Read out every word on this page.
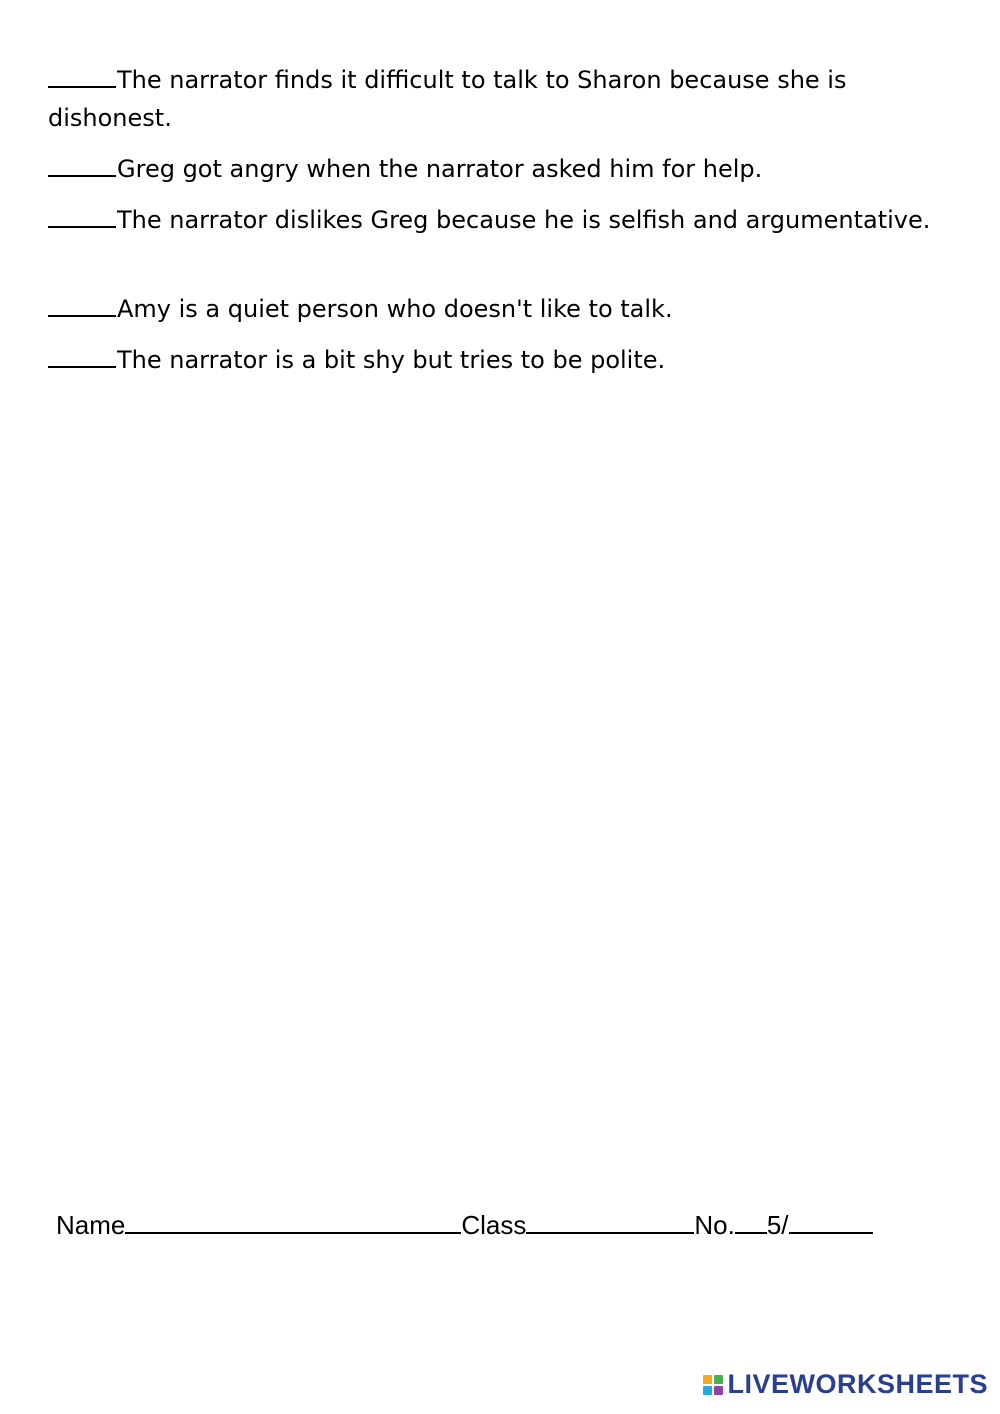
The narrator finds it difficult to talk to Sharon because she is dishonest.

Greg got angry when the narrator asked him for help.

The narrator dislikes Greg because he is selfish and argumentative.

Amy is a quiet person who doesn't like to talk.

The narrator is a bit shy but tries to be polite.

Name	Class	No. 5/
LIVEWORKSHEETS
